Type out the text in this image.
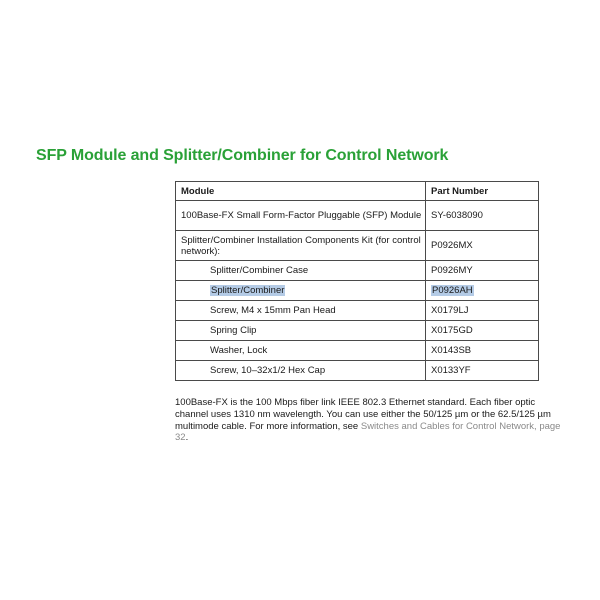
SFP Module and Splitter/Combiner for Control Network
Module	Part Number
100Base-FX Small Form-Factor Pluggable (SFP) Module	SY-6038090
Splitter/Combiner Installation Components Kit (for control network):	P0926MX
Splitter/Combiner Case	P0926MY
Splitter/Combiner	P0926AH
Screw, M4 x 15mm Pan Head	X0179LJ
Spring Clip	X0175GD
Washer, Lock	X0143SB
Screw, 10–32x1/2 Hex Cap	X0133YF

100Base-FX is the 100 Mbps fiber link IEEE 802.3 Ethernet standard. Each fiber optic channel uses 1310 nm wavelength. You can use either the 50/125 µm or the 62.5/125 µm multimode cable. For more information, see Switches and Cables for Control Network, page 32.
